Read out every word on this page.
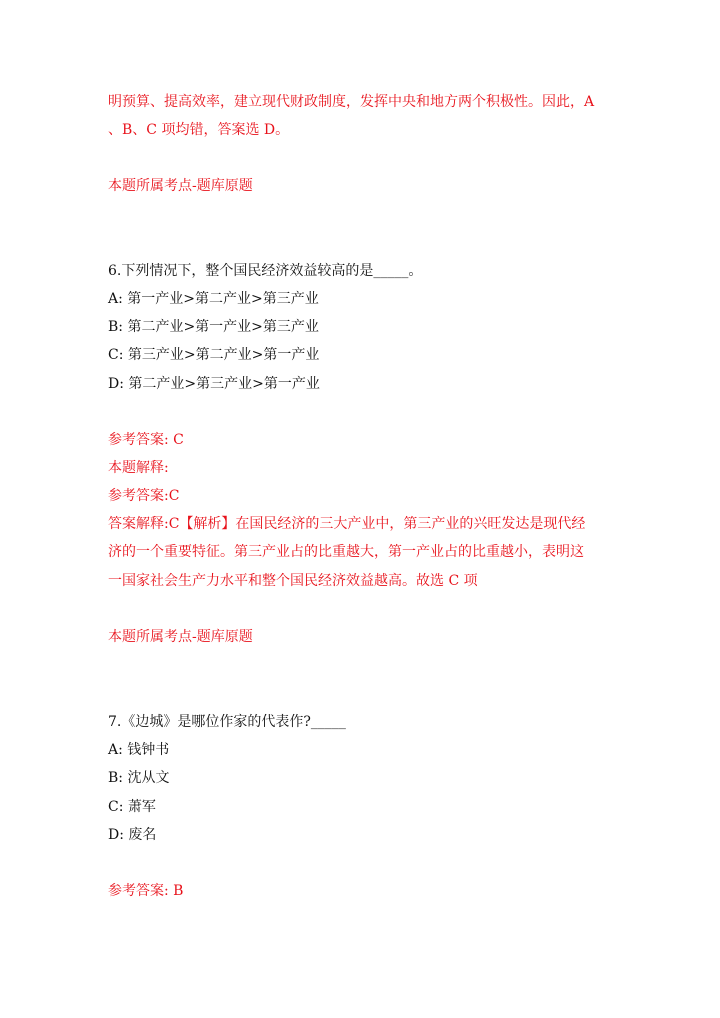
明预算、提高效率，建立现代财政制度，发挥中央和地方两个积极性。因此，A
、B、C 项均错，答案选 D。
本题所属考点-题库原题
6.下列情况下，整个国民经济效益较高的是_____。
A: 第一产业>第二产业>第三产业
B: 第二产业>第一产业>第三产业
C: 第三产业>第二产业>第一产业
D: 第二产业>第三产业>第一产业
参考答案: C
本题解释:
参考答案:C
答案解释:C【解析】在国民经济的三大产业中，第三产业的兴旺发达是现代经
济的一个重要特征。第三产业占的比重越大，第一产业占的比重越小，表明这
一国家社会生产力水平和整个国民经济效益越高。故选 C 项
本题所属考点-题库原题
7.《边城》是哪位作家的代表作?_____
A: 钱钟书
B: 沈从文
C: 萧军
D: 废名
参考答案: B
